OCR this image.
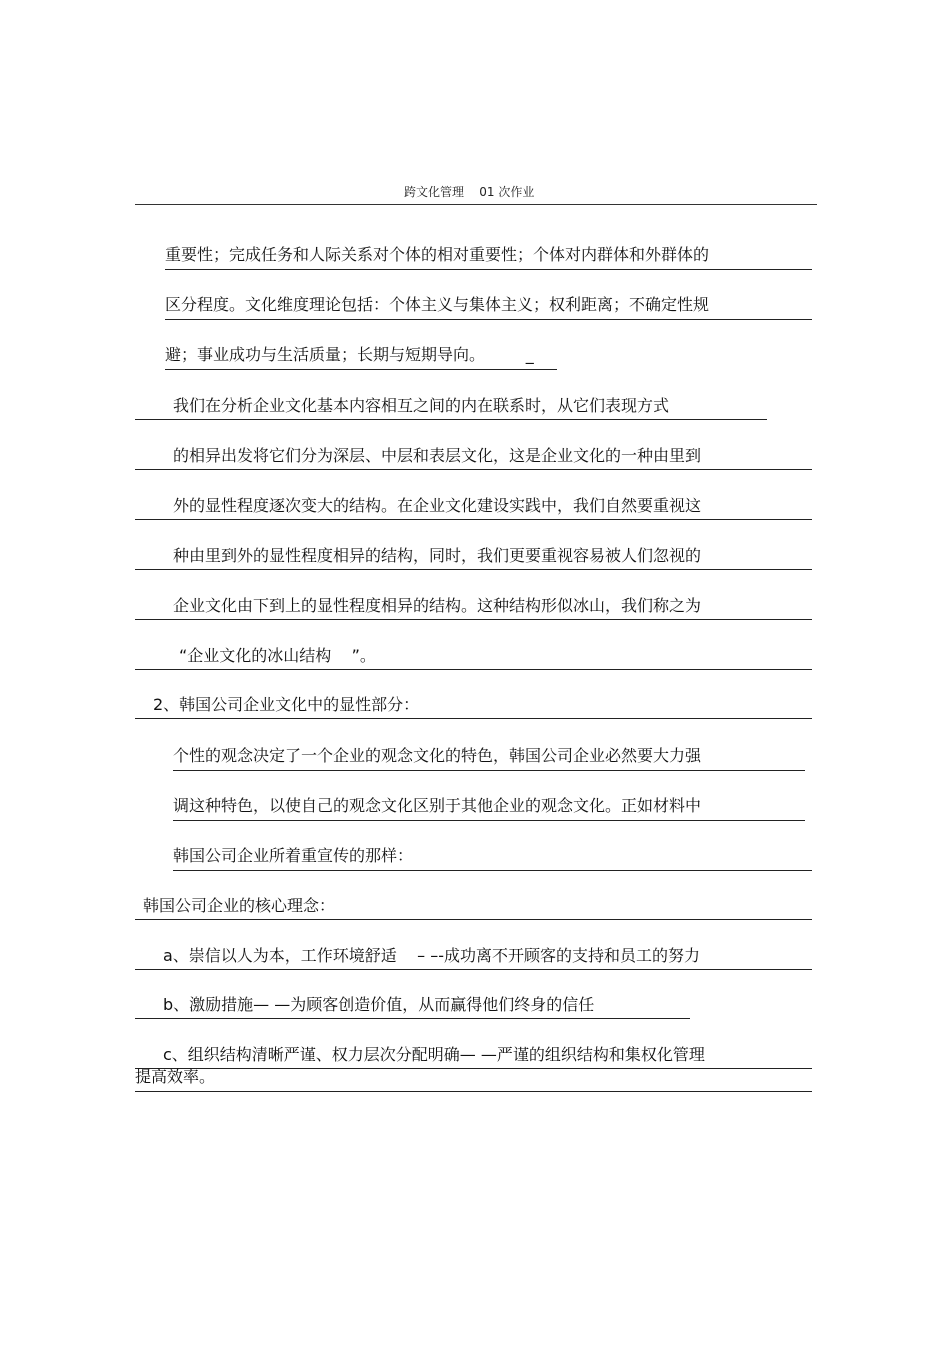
跨文化管理    01 次作业
重要性；完成任务和人际关系对个体的相对重要性；个体对内群体和外群体的
区分程度。文化维度理论包括：个体主义与集体主义；权利距离；不确定性规
避；事业成功与生活质量；长期与短期导向。        _
我们在分析企业文化基本内容相互之间的内在联系时，从它们表现方式
的相异出发将它们分为深层、中层和表层文化，这是企业文化的一种由里到
外的显性程度逐次变大的结构。在企业文化建设实践中，我们自然要重视这
种由里到外的显性程度相异的结构，同时，我们更要重视容易被人们忽视的
企业文化由下到上的显性程度相异的结构。这种结构形似冰山，我们称之为
“企业文化的冰山结构    ”。
2、韩国公司企业文化中的显性部分：
个性的观念决定了一个企业的观念文化的特色，韩国公司企业必然要大力强
调这种特色，以使自己的观念文化区别于其他企业的观念文化。正如材料中
韩国公司企业所着重宣传的那样：
韩国公司企业的核心理念：
a、崇信以人为本，工作环境舒适    – –-成功离不开顾客的支持和员工的努力
b、激励措施— —为顾客创造价值，从而赢得他们终身的信任
c、组织结构清晰严谨、权力层次分配明确— —严谨的组织结构和集权化管理
提高效率。
